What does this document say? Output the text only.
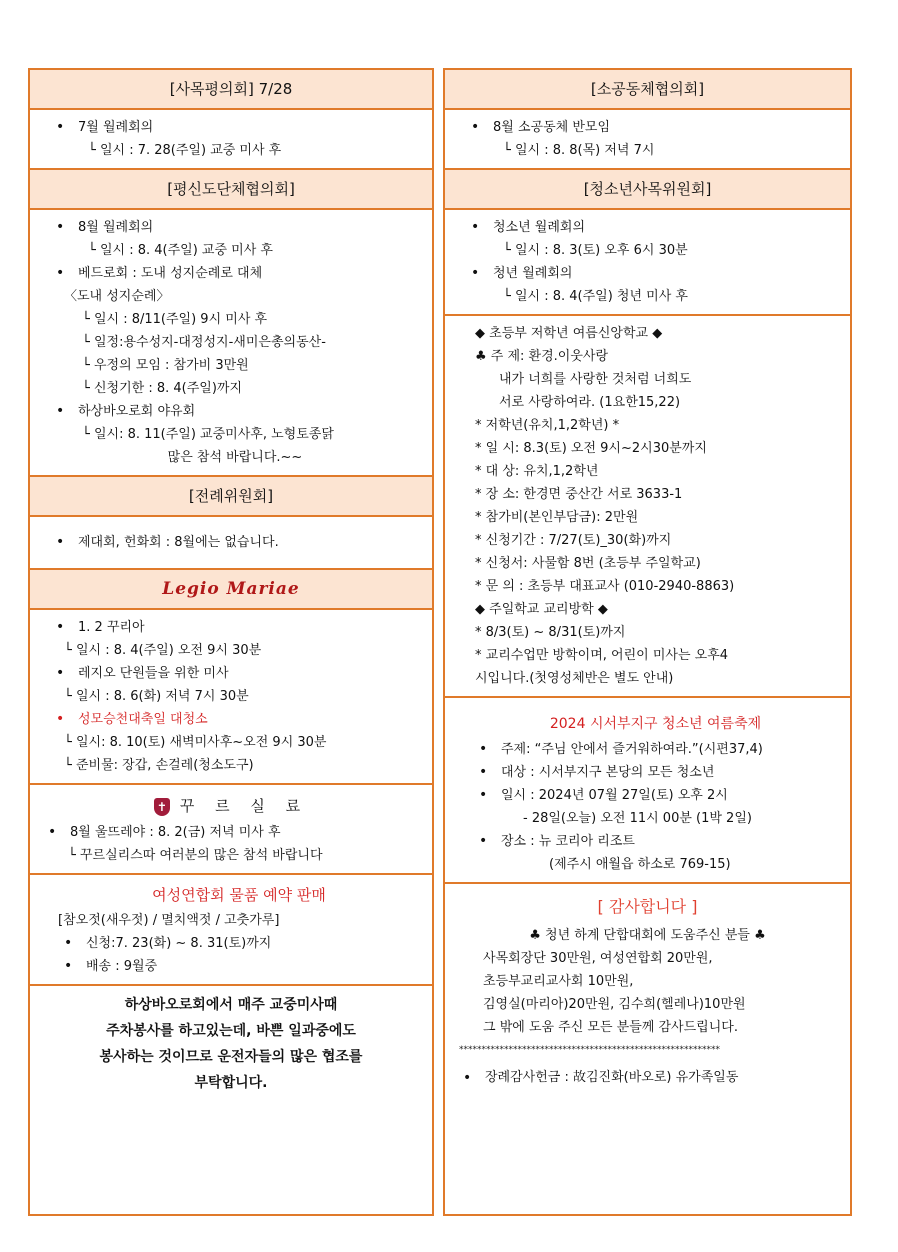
[사목평의회] 7/28
• 7월 월례회의
└ 일시 : 7. 28(주일) 교중 미사 후
[평신도단체협의회]
• 8월 월례회의
└ 일시 : 8. 4(주일) 교중 미사 후
• 베드로회 : 도내 성지순례로 대체
〈도내 성지순례〉
└ 일시 : 8/11(주일) 9시 미사 후
└ 일정:용수성지-대정성지-새미은총의동산-
└ 우정의 모임 : 참가비 3만원
└ 신청기한 : 8. 4(주일)까지
• 하상바오로회 야유회
└ 일시: 8. 11(주일) 교중미사후, 노형토종닭
많은 참석 바랍니다.~~
[전례위원회]
• 제대회, 헌화회 : 8월에는 없습니다.
Legio Mariae
• 1. 2 꾸리아
└ 일시 : 8. 4(주일) 오전 9시 30분
• 레지오 단원들을 위한 미사
└ 일시 : 8. 6(화) 저녁 7시 30분
• 성모승천대축일 대청소
└ 일시: 8. 10(토) 새벽미사후~오전 9시 30분
└ 준비물: 장갑, 손걸레(청소도구)
✝꾸 르 실 료
• 8월 울뜨레야 : 8. 2(금) 저녁 미사 후
└ 꾸르실리스따 여러분의 많은 참석 바랍니다
여성연합회 물품 예약 판매
[참오젓(새우젓) / 멸치액젓 / 고춧가루]
• 신청:7. 23(화) ~ 8. 31(토)까지
• 배송 : 9월중
하상바오로회에서 매주 교중미사때
주차봉사를 하고있는데, 바쁜 일과중에도
봉사하는 것이므로 운전자들의 많은 협조를
부탁합니다.
[소공동체협의회]
• 8월 소공동체 반모임
└ 일시 : 8. 8(목) 저녁 7시
[청소년사목위원회]
• 청소년 월례회의
└ 일시 : 8. 3(토) 오후 6시 30분
• 청년 월례회의
└ 일시 : 8. 4(주일) 청년 미사 후
◆ 초등부 저학년 여름신앙학교 ◆
♣ 주 제: 환경.이웃사랑
내가 너희를 사랑한 것처럼 너희도
서로 사랑하여라. (1요한15,22)
* 저학년(유치,1,2학년) *
* 일 시: 8.3(토) 오전 9시~2시30분까지
* 대 상: 유치,1,2학년
* 장 소: 한경면 중산간 서로 3633-1
* 참가비(본인부담금): 2만원
* 신청기간 : 7/27(토)_30(화)까지
* 신청서: 사물함 8번 (초등부 주일학교)
* 문 의 : 초등부 대표교사 (010-2940-8863)
◆ 주일학교 교리방학 ◆
* 8/3(토) ~ 8/31(토)까지
* 교리수업만 방학이며, 어린이 미사는 오후4
시입니다.(첫영성체반은 별도 안내)
2024 시서부지구 청소년 여름축제
• 주제: “주님 안에서 즐거워하여라.”(시편37,4)
• 대상 : 시서부지구 본당의 모든 청소년
• 일시 : 2024년 07월 27일(토) 오후 2시
- 28일(오늘) 오전 11시 00분 (1박 2일)
• 장소 : 뉴 코리아 리조트
(제주시 애월읍 하소로 769-15)
[ 감사합니다 ]
♣ 청년 하계 단합대회에 도움주신 분들 ♣
사목회장단 30만원, 여성연합회 20만원,
초등부교리교사회 10만원,
김영실(마리아)20만원, 김수희(헬레나)10만원
그 밖에 도움 주신 모든 분들께 감사드립니다.
**********************************************************
• 장례감사헌금 : 故김진화(바오로) 유가족일동
